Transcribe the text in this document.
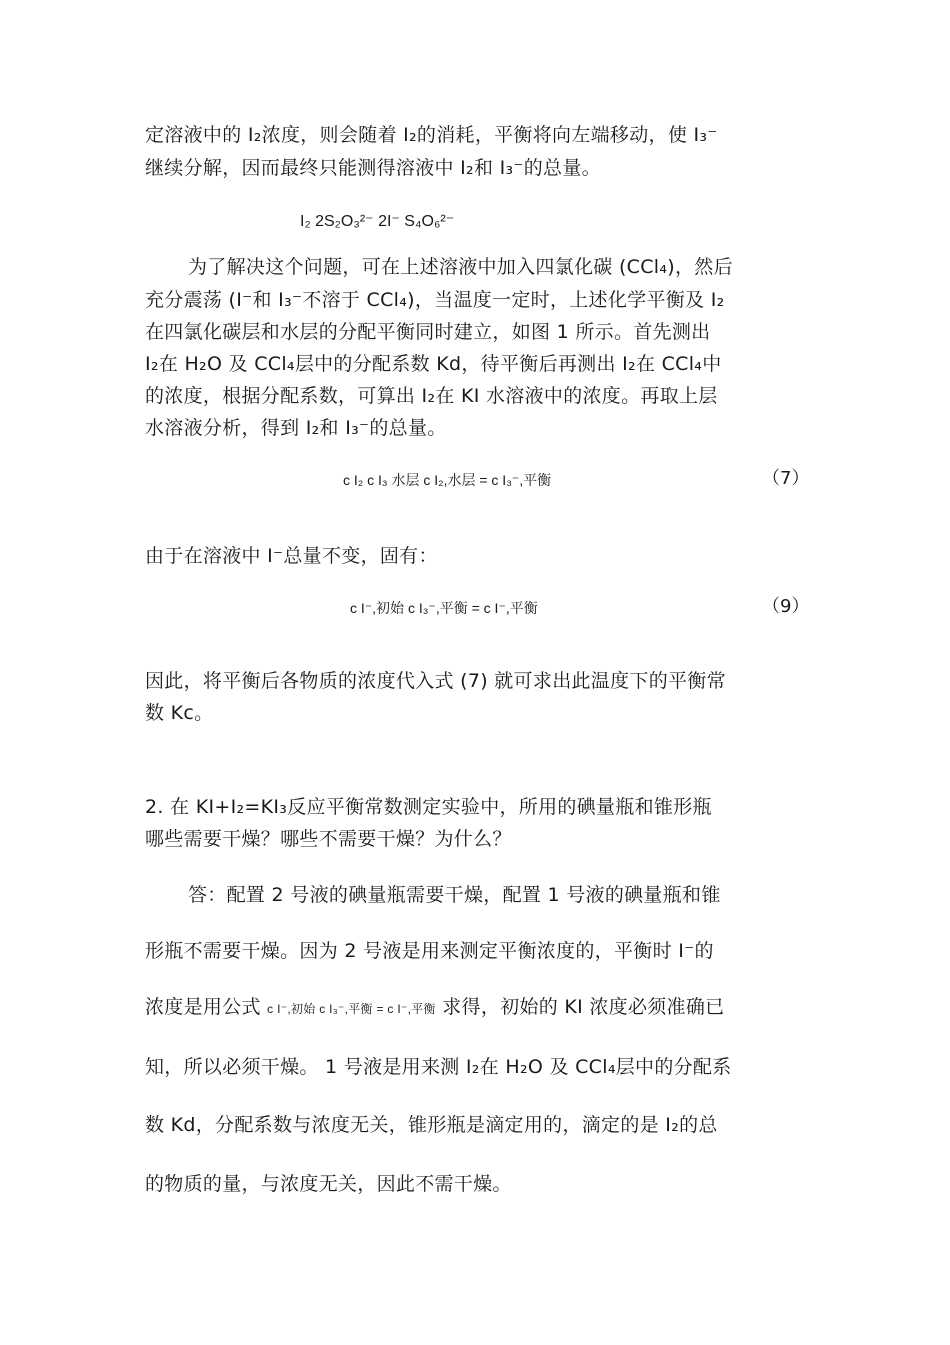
定溶液中的 I₂浓度，则会随着 I₂的消耗，平衡将向左端移动，使 I₃⁻
继续分解，因而最终只能测得溶液中 I₂和 I₃⁻的总量。
I₂ 2S₂O₃²⁻ 2I⁻ S₄O₆²⁻
为了解决这个问题，可在上述溶液中加入四氯化碳 (CCl₄)，然后
充分震荡 (I⁻和 I₃⁻不溶于 CCl₄)，当温度一定时，上述化学平衡及 I₂
在四氯化碳层和水层的分配平衡同时建立，如图 1 所示。首先测出
I₂在 H₂O 及 CCl₄层中的分配系数 Kd，待平衡后再测出 I₂在 CCl₄中
的浓度，根据分配系数，可算出 I₂在 KI 水溶液中的浓度。再取上层
水溶液分析，得到 I₂和 I₃⁻的总量。
c I₂ c I₃ 水层 c I₂,水层 = c I₃⁻,平衡	（7）
由于在溶液中 I⁻总量不变，固有：
c I⁻,初始 c I₃⁻,平衡 = c I⁻,平衡	（9）
因此，将平衡后各物质的浓度代入式 (7) 就可求出此温度下的平衡常
数 Kc。
2. 在 KI+I₂=KI₃反应平衡常数测定实验中，所用的碘量瓶和锥形瓶
哪些需要干燥？哪些不需要干燥？为什么？
答：配置 2 号液的碘量瓶需要干燥，配置 1 号液的碘量瓶和锥
形瓶不需要干燥。因为 2 号液是用来测定平衡浓度的，平衡时 I⁻的
浓度是用公式 c I⁻,初始 c I₃⁻,平衡 = c I⁻,平衡 求得，初始的 KI 浓度必须准确已
知，所以必须干燥。 1 号液是用来测 I₂在 H₂O 及 CCl₄层中的分配系
数 Kd，分配系数与浓度无关，锥形瓶是滴定用的，滴定的是 I₂的总
的物质的量，与浓度无关，因此不需干燥。
